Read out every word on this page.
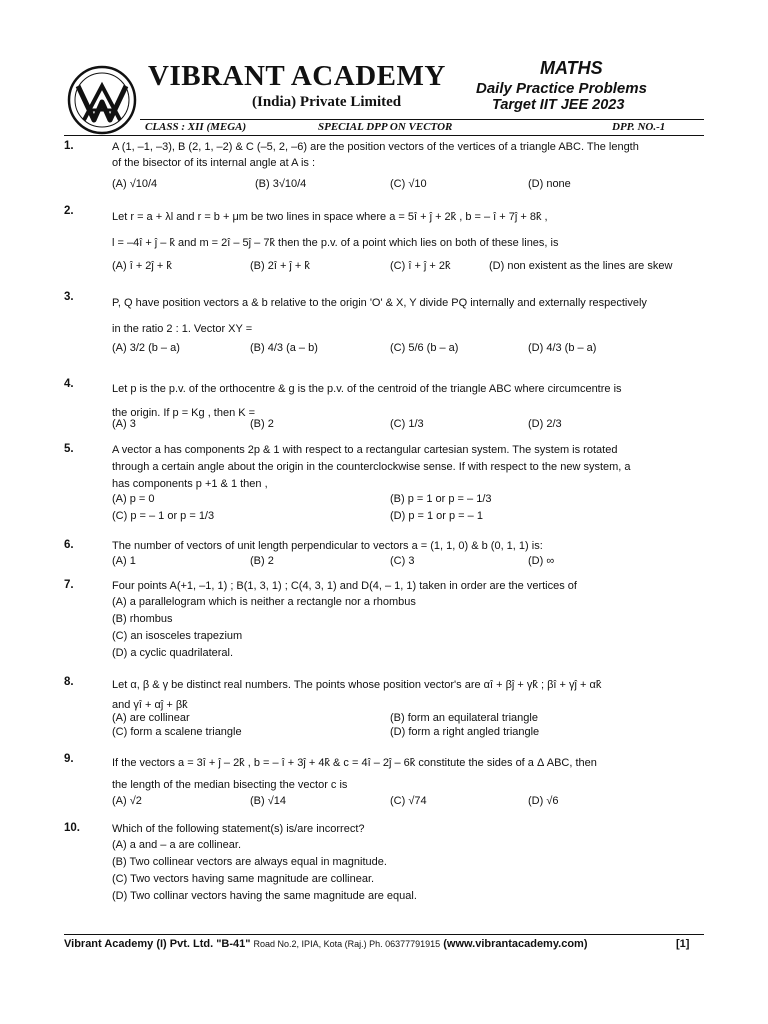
VIBRANT ACADEMY
(India) Private Limited
MATHS
Daily Practice Problems
Target IIT JEE 2023
CLASS : XII (MEGA)	SPECIAL DPP ON VECTOR	DPP. NO.-1
1.	A (1, –1, –3), B (2, 1, –2) & C (–5, 2, –6) are the position vectors of the vertices of a triangle ABC. The length
of the bisector of its internal angle at A is :
(A) √10/4	(B) 3√10/4	(C) √10	(D) none
2.	Let r = a + λl and r = b + μm be two lines in space where a = 5î + ĵ + 2k̂ , b = – î + 7ĵ + 8k̂ ,
l = –4î + ĵ – k̂ and m = 2î – 5ĵ – 7k̂ then the p.v. of a point which lies on both of these lines, is
(A) î + 2ĵ + k̂	(B) 2î + ĵ + k̂	(C) î + ĵ + 2k̂	(D) non existent as the lines are skew
3.	P, Q have position vectors a & b relative to the origin 'O' & X, Y divide PQ internally and externally respectively
in the ratio 2 : 1. Vector XY =
(A) 3/2 (b – a)	(B) 4/3 (a – b)	(C) 5/6 (b – a)	(D) 4/3 (b – a)
4.	Let p is the p.v. of the orthocentre & g is the p.v. of the centroid of the triangle ABC where circumcentre is
the origin. If p = Kg , then K =
(A) 3	(B) 2	(C) 1/3	(D) 2/3
5.	A vector a has components 2p & 1 with respect to a rectangular cartesian system. The system is rotated
through a certain angle about the origin in the counterclockwise sense. If with respect to the new system, a
has components p +1 & 1 then ,
(A) p = 0	(B) p = 1 or p = – 1/3
(C) p = – 1 or p = 1/3	(D) p = 1 or p = – 1
6.	The number of vectors of unit length perpendicular to vectors a = (1, 1, 0) & b (0, 1, 1) is:
(A) 1	(B) 2	(C) 3	(D) ∞
7.	Four points A(+1, –1, 1) ; B(1, 3, 1) ; C(4, 3, 1) and D(4, – 1, 1) taken in order are the vertices of
(A) a parallelogram which is neither a rectangle nor a rhombus
(B) rhombus
(C) an isosceles trapezium
(D) a cyclic quadrilateral.
8.	Let α, β & γ be distinct real numbers. The points whose position vector's are αî + βĵ + γk̂ ; βî + γĵ + αk̂
and γî + αĵ + βk̂
(A) are collinear	(B) form an equilateral triangle
(C) form a scalene triangle	(D) form a right angled triangle
9.	If the vectors a = 3î + ĵ – 2k̂ , b = – î + 3ĵ + 4k̂ & c = 4î – 2ĵ – 6k̂ constitute the sides of a Δ ABC, then
the length of the median bisecting the vector c is
(A) √2	(B) √14	(C) √74	(D) √6
10.	Which of the following statement(s) is/are incorrect?
(A) a and – a are collinear.
(B) Two collinear vectors are always equal in magnitude.
(C) Two vectors having same magnitude are collinear.
(D) Two collinar vectors having the same magnitude are equal.
Vibrant Academy (I) Pvt. Ltd. "B-41" Road No.2, IPIA, Kota (Raj.) Ph. 06377791915 (www.vibrantacademy.com)	[1]
